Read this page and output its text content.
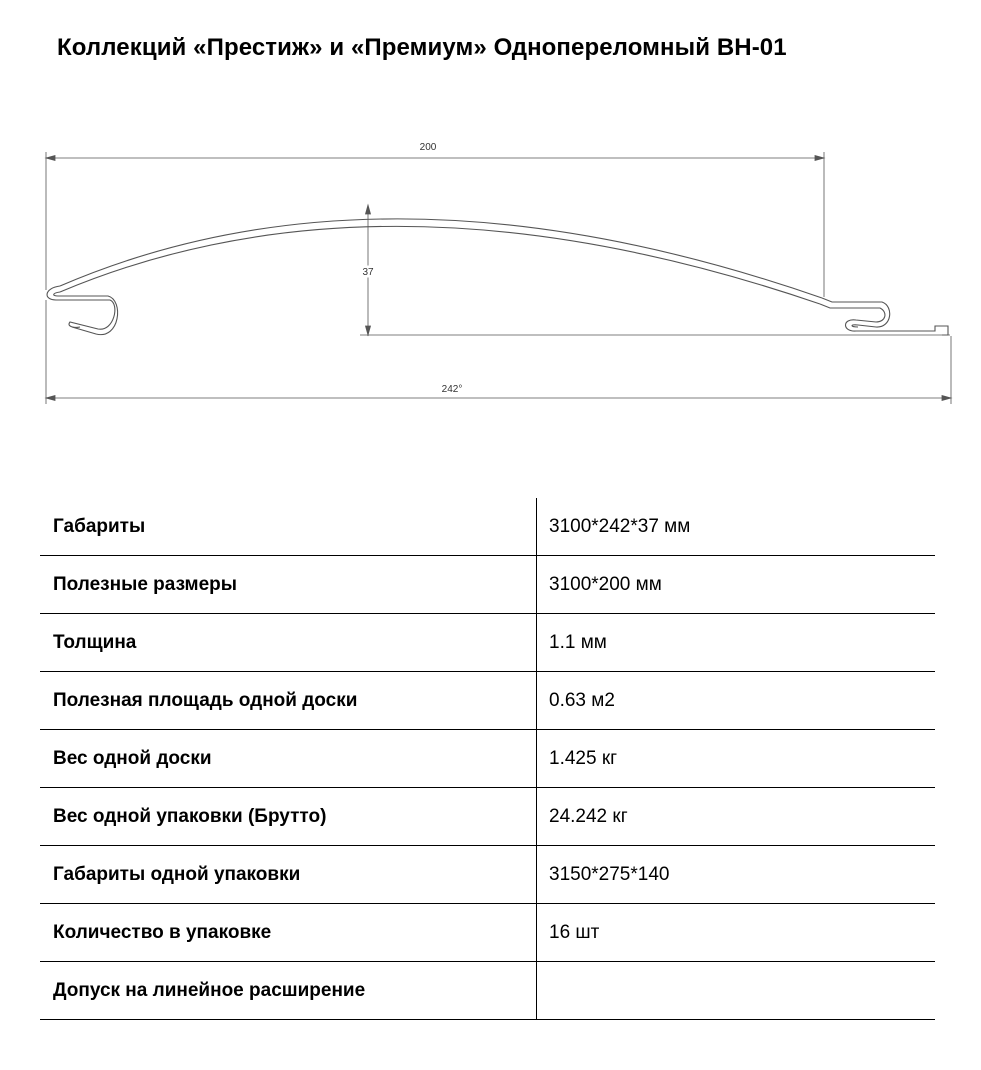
Коллекций «Престиж» и «Премиум» Однопереломный ВН-01
200
37
242°
Габариты	3100*242*37 мм
Полезные размеры	3100*200 мм
Толщина	1.1 мм
Полезная площадь одной доски	0.63 м2
Вес одной доски	1.425 кг
Вес одной упаковки (Брутто)	24.242 кг
Габариты одной упаковки	3150*275*140
Количество в упаковке	16 шт
Допуск на линейное расширение	
